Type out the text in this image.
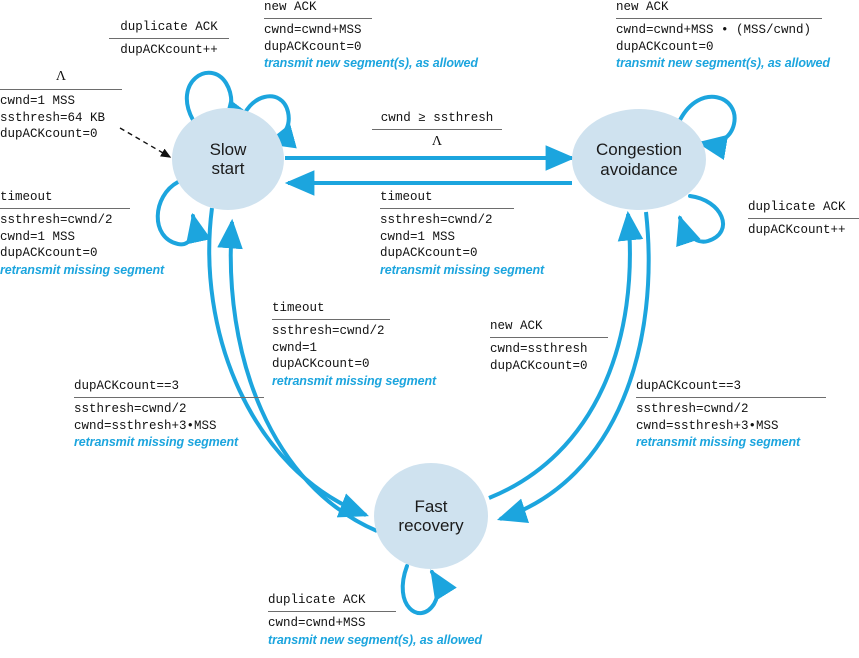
Slow
start
Congestion
avoidance
Fast
recovery
duplicate ACK
dupACKcount++
new ACK
cwnd=cwnd+MSS
dupACKcount=0
transmit new segment(s), as allowed
new ACK
cwnd=cwnd+MSS • (MSS/cwnd)
dupACKcount=0
transmit new segment(s), as allowed
Λ
cwnd=1 MSS
ssthresh=64 KB
dupACKcount=0
timeout
ssthresh=cwnd/2
cwnd=1 MSS
dupACKcount=0
retransmit missing segment
cwnd ≥ ssthresh
Λ
timeout
ssthresh=cwnd/2
cwnd=1 MSS
dupACKcount=0
retransmit missing segment
duplicate ACK
dupACKcount++
timeout
ssthresh=cwnd/2
cwnd=1
dupACKcount=0
retransmit missing segment
new ACK
cwnd=ssthresh
dupACKcount=0
dupACKcount==3
ssthresh=cwnd/2
cwnd=ssthresh+3•MSS
retransmit missing segment
dupACKcount==3
ssthresh=cwnd/2
cwnd=ssthresh+3•MSS
retransmit missing segment
duplicate ACK
cwnd=cwnd+MSS
transmit new segment(s), as allowed
